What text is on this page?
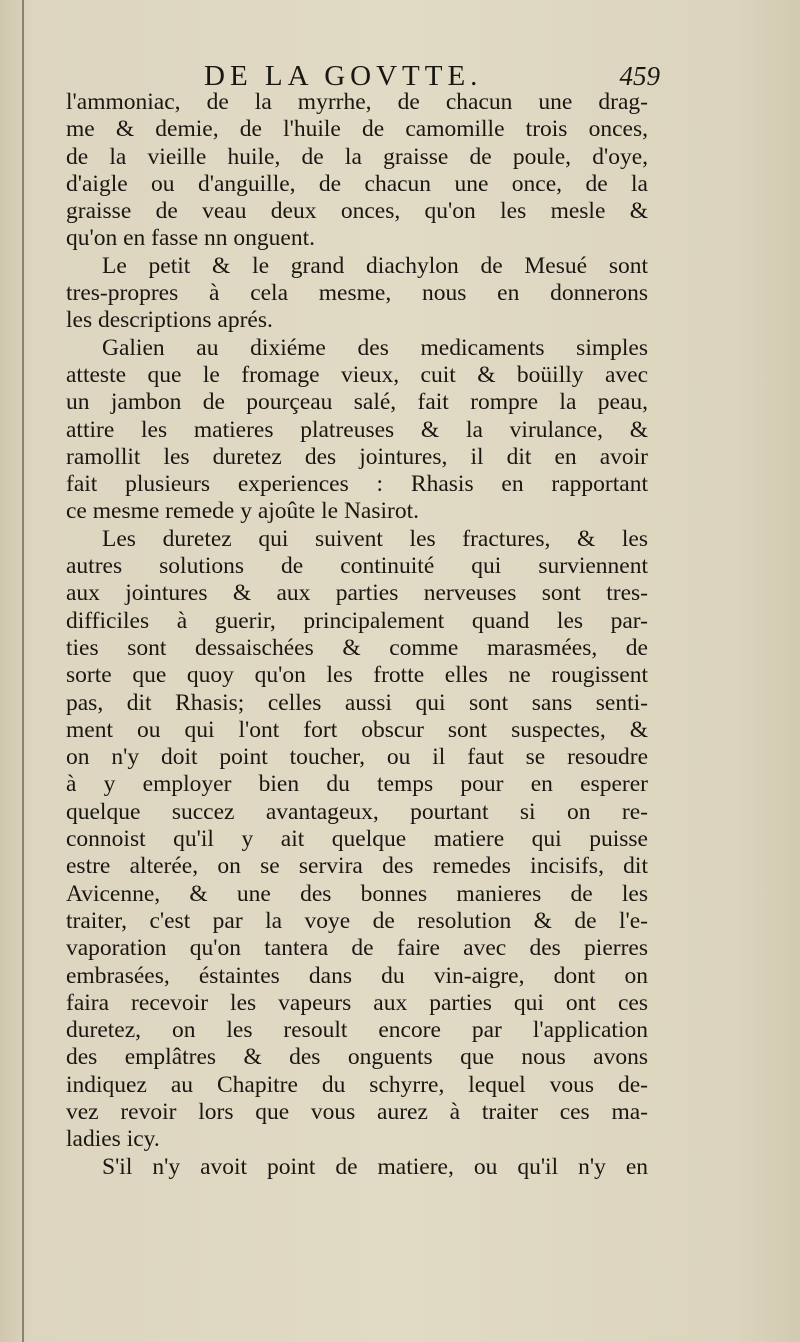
DE LA GOVTTE.	459
l'ammoniac, de la myrrhe, de chacun une drag-
me & demie, de l'huile de camomille trois onces,
de la vieille huile, de la graisse de poule, d'oye,
d'aigle ou d'anguille, de chacun une once, de la
graisse de veau deux onces, qu'on les mesle &
qu'on en fasse nn onguent.
Le petit & le grand diachylon de Mesué sont
tres-propres à cela mesme, nous en donnerons
les descriptions aprés.
Galien au dixiéme des medicaments simples
atteste que le fromage vieux, cuit & boüilly avec
un jambon de pourçeau salé, fait rompre la peau,
attire les matieres platreuses & la virulance, &
ramollit les duretez des jointures, il dit en avoir
fait plusieurs experiences : Rhasis en rapportant
ce mesme remede y ajoûte le Nasirot.
Les duretez qui suivent les fractures, & les
autres solutions de continuité qui surviennent
aux jointures & aux parties nerveuses sont tres-
difficiles à guerir, principalement quand les par-
ties sont dessaischées & comme marasmées, de
sorte que quoy qu'on les frotte elles ne rougissent
pas, dit Rhasis; celles aussi qui sont sans senti-
ment ou qui l'ont fort obscur sont suspectes, &
on n'y doit point toucher, ou il faut se resoudre
à y employer bien du temps pour en esperer
quelque succez avantageux, pourtant si on re-
connoist qu'il y ait quelque matiere qui puisse
estre alterée, on se servira des remedes incisifs, dit
Avicenne, & une des bonnes manieres de les
traiter, c'est par la voye de resolution & de l'e-
vaporation qu'on tantera de faire avec des pierres
embrasées, éstaintes dans du vin-aigre, dont on
faira recevoir les vapeurs aux parties qui ont ces
duretez, on les resoult encore par l'application
des emplâtres & des onguents que nous avons
indiquez au Chapitre du schyrre, lequel vous de-
vez revoir lors que vous aurez à traiter ces ma-
ladies icy.
S'il n'y avoit point de matiere, ou qu'il n'y en
